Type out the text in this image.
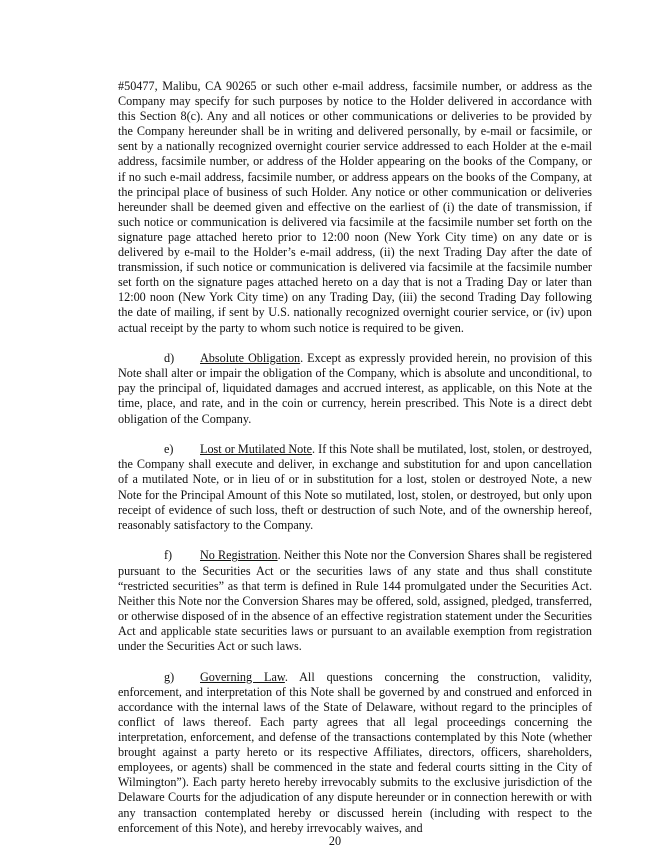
#50477, Malibu, CA 90265 or such other e-mail address, facsimile number, or address as the Company may specify for such purposes by notice to the Holder delivered in accordance with this Section 8(c). Any and all notices or other communications or deliveries to be provided by the Company hereunder shall be in writing and delivered personally, by e-mail or facsimile, or sent by a nationally recognized overnight courier service addressed to each Holder at the e-mail address, facsimile number, or address of the Holder appearing on the books of the Company, or if no such e-mail address, facsimile number, or address appears on the books of the Company, at the principal place of business of such Holder. Any notice or other communication or deliveries hereunder shall be deemed given and effective on the earliest of (i) the date of transmission, if such notice or communication is delivered via facsimile at the facsimile number set forth on the signature page attached hereto prior to 12:00 noon (New York City time) on any date or is delivered by e-mail to the Holder’s e-mail address, (ii) the next Trading Day after the date of transmission, if such notice or communication is delivered via facsimile at the facsimile number set forth on the signature pages attached hereto on a day that is not a Trading Day or later than 12:00 noon (New York City time) on any Trading Day, (iii) the second Trading Day following the date of mailing, if sent by U.S. nationally recognized overnight courier service, or (iv) upon actual receipt by the party to whom such notice is required to be given.

d) Absolute Obligation. Except as expressly provided herein, no provision of this Note shall alter or impair the obligation of the Company, which is absolute and unconditional, to pay the principal of, liquidated damages and accrued interest, as applicable, on this Note at the time, place, and rate, and in the coin or currency, herein prescribed. This Note is a direct debt obligation of the Company.

e) Lost or Mutilated Note. If this Note shall be mutilated, lost, stolen, or destroyed, the Company shall execute and deliver, in exchange and substitution for and upon cancellation of a mutilated Note, or in lieu of or in substitution for a lost, stolen or destroyed Note, a new Note for the Principal Amount of this Note so mutilated, lost, stolen, or destroyed, but only upon receipt of evidence of such loss, theft or destruction of such Note, and of the ownership hereof, reasonably satisfactory to the Company.

f) No Registration. Neither this Note nor the Conversion Shares shall be registered pursuant to the Securities Act or the securities laws of any state and thus shall constitute “restricted securities” as that term is defined in Rule 144 promulgated under the Securities Act. Neither this Note nor the Conversion Shares may be offered, sold, assigned, pledged, transferred, or otherwise disposed of in the absence of an effective registration statement under the Securities Act and applicable state securities laws or pursuant to an available exemption from registration under the Securities Act or such laws.

g) Governing Law. All questions concerning the construction, validity, enforcement, and interpretation of this Note shall be governed by and construed and enforced in accordance with the internal laws of the State of Delaware, without regard to the principles of conflict of laws thereof. Each party agrees that all legal proceedings concerning the interpretation, enforcement, and defense of the transactions contemplated by this Note (whether brought against a party hereto or its respective Affiliates, directors, officers, shareholders, employees, or agents) shall be commenced in the state and federal courts sitting in the City of Wilmington”). Each party hereto hereby irrevocably submits to the exclusive jurisdiction of the Delaware Courts for the adjudication of any dispute hereunder or in connection herewith or with any transaction contemplated hereby or discussed herein (including with respect to the enforcement of this Note), and hereby irrevocably waives, and

20
